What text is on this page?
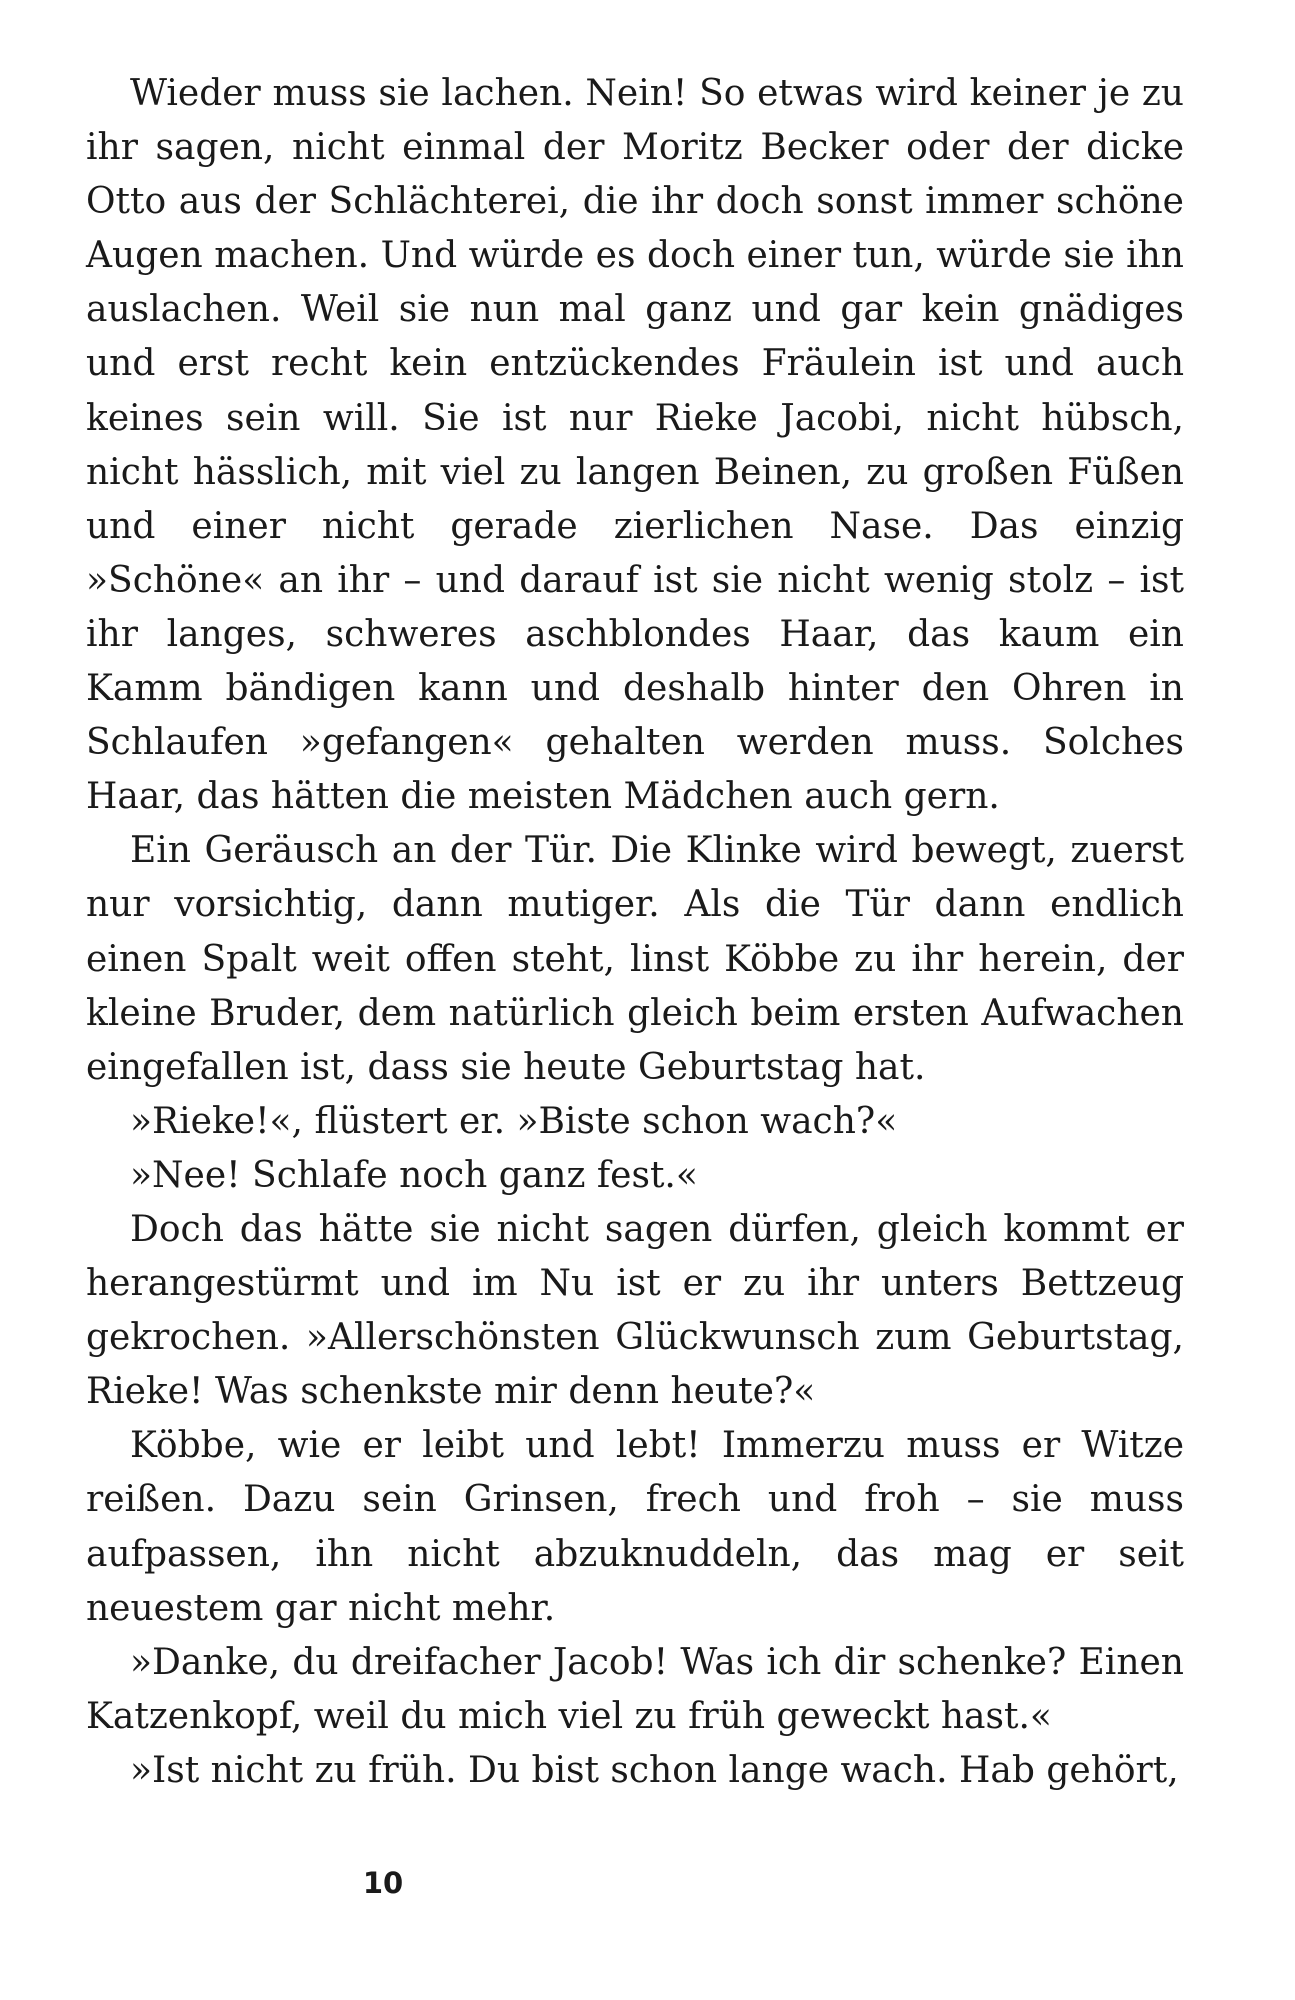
Wieder muss sie lachen. Nein! So etwas wird keiner je zu ihr sagen, nicht einmal der Moritz Becker oder der dicke Otto aus der Schlächterei, die ihr doch sonst immer schöne Augen machen. Und würde es doch einer tun, würde sie ihn auslachen. Weil sie nun mal ganz und gar kein gnädiges und erst recht kein entzückendes Fräulein ist und auch keines sein will. Sie ist nur Rieke Jacobi, nicht hübsch, nicht hässlich, mit viel zu langen Beinen, zu großen Füßen und einer nicht gerade zierlichen Nase. Das einzig »Schöne« an ihr – und darauf ist sie nicht wenig stolz – ist ihr langes, schweres aschblondes Haar, das kaum ein Kamm bändigen kann und deshalb hinter den Ohren in Schlaufen »gefangen« gehalten werden muss. Solches Haar, das hätten die meisten Mädchen auch gern.

Ein Geräusch an der Tür. Die Klinke wird bewegt, zuerst nur vorsichtig, dann mutiger. Als die Tür dann endlich einen Spalt weit offen steht, linst Köbbe zu ihr herein, der kleine Bruder, dem natürlich gleich beim ersten Aufwachen eingefallen ist, dass sie heute Geburtstag hat.

»Rieke!«, flüstert er. »Biste schon wach?«

»Nee! Schlafe noch ganz fest.«

Doch das hätte sie nicht sagen dürfen, gleich kommt er herangestürmt und im Nu ist er zu ihr unters Bettzeug gekrochen. »Allerschönsten Glückwunsch zum Geburtstag, Rieke! Was schenkste mir denn heute?«

Köbbe, wie er leibt und lebt! Immerzu muss er Witze reißen. Dazu sein Grinsen, frech und froh – sie muss aufpassen, ihn nicht abzuknuddeln, das mag er seit neuestem gar nicht mehr.

»Danke, du dreifacher Jacob! Was ich dir schenke? Einen Katzenkopf, weil du mich viel zu früh geweckt hast.«

»Ist nicht zu früh. Du bist schon lange wach. Hab gehört,

10
